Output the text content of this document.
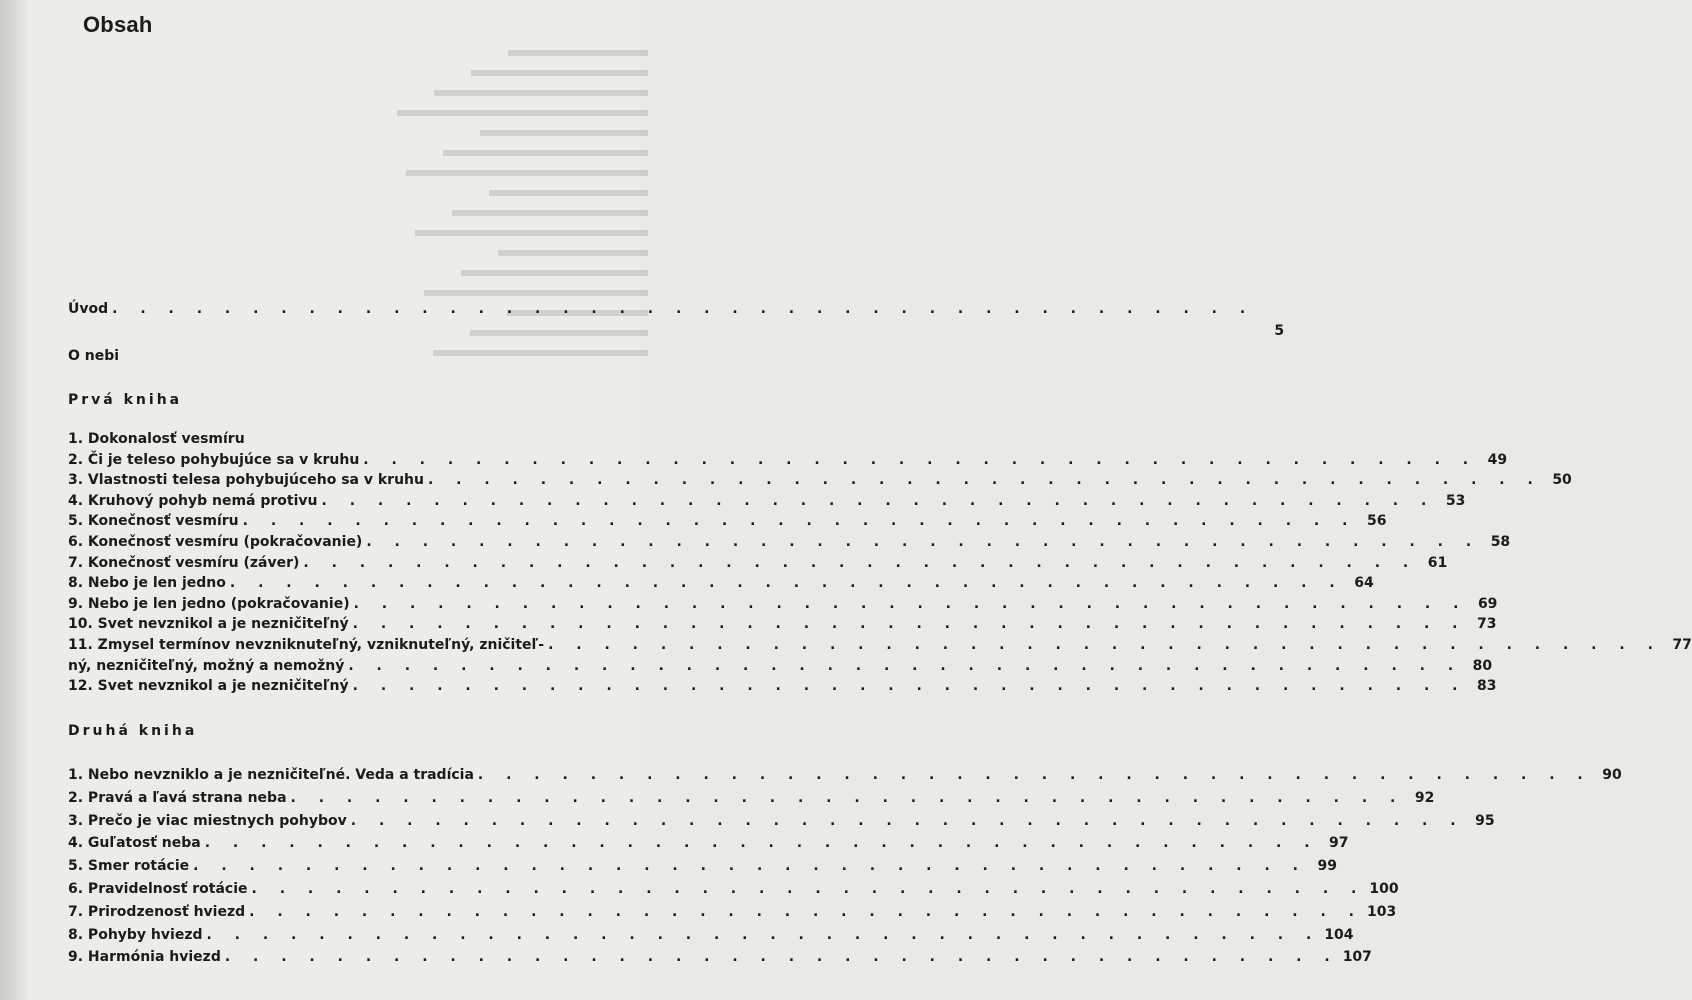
Obsah
Úvod . . . . . . . . . . . . . . . . . . . . . . . . . . . . . . . . . . . . . . . . .
5
O nebi
Prvá kniha
1. Dokonalosť vesmíru
2. Či je teleso pohybujúce sa v kruhu . . . . . . . . . . . . . . . . . . . . . . . . . . . . . . . . . . . . . . . . 49
3. Vlastnosti telesa pohybujúceho sa v kruhu . . . . . . . . . . . . . . . . . . . . . . . . . . . . . . . . . . . . . . . . 50
4. Kruhový pohyb nemá protivu . . . . . . . . . . . . . . . . . . . . . . . . . . . . . . . . . . . . . . . . 53
5. Konečnosť vesmíru . . . . . . . . . . . . . . . . . . . . . . . . . . . . . . . . . . . . . . . . 56
6. Konečnosť vesmíru (pokračovanie) . . . . . . . . . . . . . . . . . . . . . . . . . . . . . . . . . . . . . . . . 58
7. Konečnosť vesmíru (záver) . . . . . . . . . . . . . . . . . . . . . . . . . . . . . . . . . . . . . . . . 61
8. Nebo je len jedno . . . . . . . . . . . . . . . . . . . . . . . . . . . . . . . . . . . . . . . . 64
9. Nebo je len jedno (pokračovanie) . . . . . . . . . . . . . . . . . . . . . . . . . . . . . . . . . . . . . . . . 69
10. Svet nevznikol a je nezničiteľný . . . . . . . . . . . . . . . . . . . . . . . . . . . . . . . . . . . . . . . . 73
11. Zmysel termínov nevzniknuteľný, vzniknuteľný, zničiteľ- . . . . . . . . . . . . . . . . . . . . . . . . . . . . . . . . . . . . . . . . 77
ný, nezničiteľný, možný a nemožný . . . . . . . . . . . . . . . . . . . . . . . . . . . . . . . . . . . . . . . . 80
12. Svet nevznikol a je nezničiteľný . . . . . . . . . . . . . . . . . . . . . . . . . . . . . . . . . . . . . . . . 83
Druhá kniha
1. Nebo nevzniklo a je nezničiteľné. Veda a tradícia . . . . . . . . . . . . . . . . . . . . . . . . . . . . . . . . . . . . . . . . 90
2. Pravá a ľavá strana neba . . . . . . . . . . . . . . . . . . . . . . . . . . . . . . . . . . . . . . . . 92
3. Prečo je viac miestnych pohybov . . . . . . . . . . . . . . . . . . . . . . . . . . . . . . . . . . . . . . . . 95
4. Guľatosť neba . . . . . . . . . . . . . . . . . . . . . . . . . . . . . . . . . . . . . . . . 97
5. Smer rotácie . . . . . . . . . . . . . . . . . . . . . . . . . . . . . . . . . . . . . . . . 99
6. Pravidelnosť rotácie . . . . . . . . . . . . . . . . . . . . . . . . . . . . . . . . . . . . . . . . 100
7. Prirodzenosť hviezd . . . . . . . . . . . . . . . . . . . . . . . . . . . . . . . . . . . . . . . . 103
8. Pohyby hviezd . . . . . . . . . . . . . . . . . . . . . . . . . . . . . . . . . . . . . . . . 104
9. Harmónia hviezd . . . . . . . . . . . . . . . . . . . . . . . . . . . . . . . . . . . . . . . . 107
